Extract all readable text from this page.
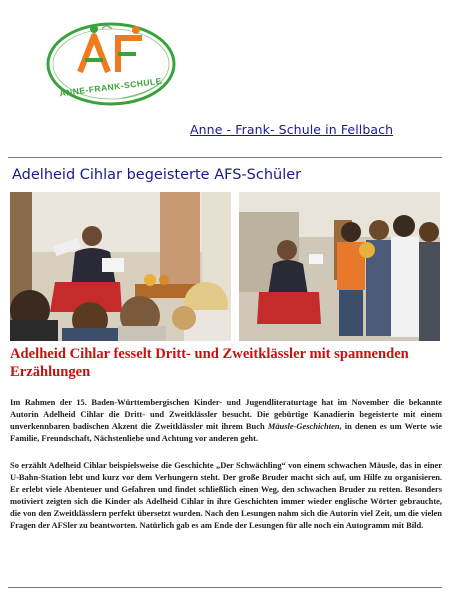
ANNE-FRANK-SCHULE
Anne - Frank- Schule in Fellbach
Adelheid Cihlar begeisterte AFS-Schüler
Adelheid Cihlar fesselt Dritt- und Zweitklässler mit spannenden Erzählungen

Im Rahmen der 15. Baden-Württembergischen Kinder- und Jugendliteraturtage hat im November die bekannte Autorin Adelheid Cihlar die Dritt- und Zweitklässler besucht. Die gebürtige Kanadierin begeisterte mit einem unverkennbaren badischen Akzent die Zweitklässler mit ihrem Buch Mäusle-Geschichten, in denen es um Werte wie Familie, Freundschaft, Nächstenliebe und Achtung vor anderen geht.

So erzählt Adelheid Cihlar beispielsweise die Geschichte „Der Schwächling“ von einem schwachen Mäusle, das in einer U-Bahn-Station lebt und kurz vor dem Verhungern steht. Der große Bruder macht sich auf, um Hilfe zu organisieren. Er erlebt viele Abenteuer und Gefahren und findet schließlich einen Weg, den schwachen Bruder zu retten. Besonders motiviert zeigten sich die Kinder als Adelheid Cihlar in ihre Geschichten immer wieder englische Wörter gebrauchte, die von den Zweitklässlern perfekt übersetzt wurden. Nach den Lesungen nahm sich die Autorin viel Zeit, um die vielen Fragen der AFSler zu beantworten. Natürlich gab es am Ende der Lesungen für alle noch ein Autogramm mit Bild.
